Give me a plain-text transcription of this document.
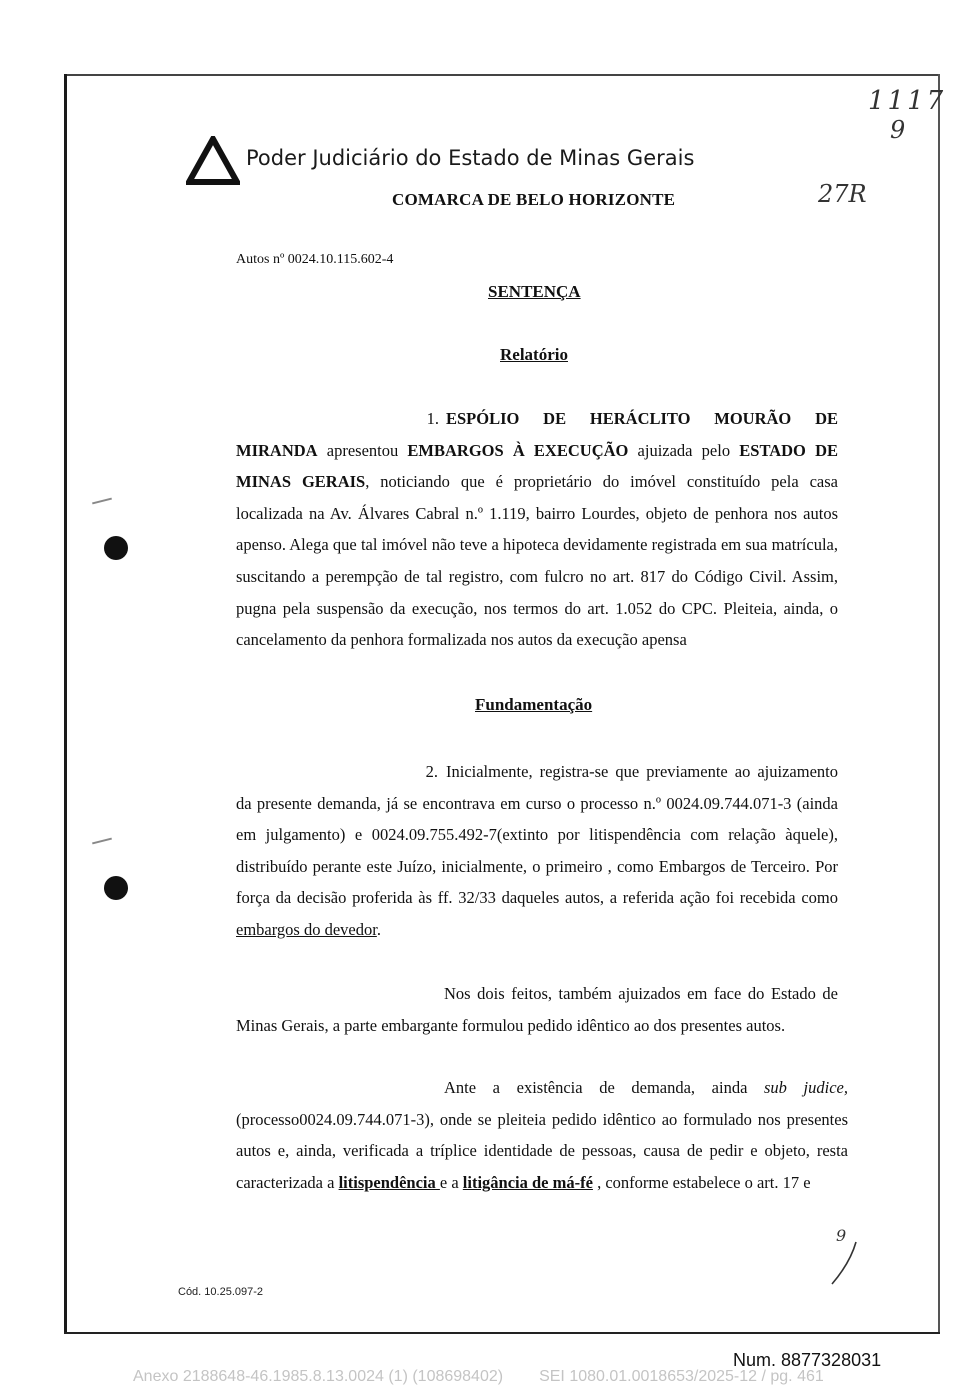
Poder Judiciário do Estado de Minas Gerais
COMARCA DE BELO HORIZONTE
1117
9
27R
Autos nº 0024.10.115.602-4
SENTENÇA
Relatório
1. ESPÓLIO DE HERÁCLITO MOURÃO DE MIRANDA apresentou EMBARGOS À EXECUÇÃO ajuizada pelo ESTADO DE MINAS GERAIS, noticiando que é proprietário do imóvel constituído pela casa localizada na Av. Álvares Cabral n.º 1.119, bairro Lourdes, objeto de penhora nos autos apenso. Alega que tal imóvel não teve a hipoteca devidamente registrada em sua matrícula, suscitando a perempção de tal registro, com fulcro no art. 817 do Código Civil. Assim, pugna pela suspensão da execução, nos termos do art. 1.052 do CPC. Pleiteia, ainda, o cancelamento da penhora formalizada nos autos da execução apensa
Fundamentação
2. Inicialmente, registra-se que previamente ao ajuizamento da presente demanda, já se encontrava em curso o processo n.º 0024.09.744.071-3 (ainda em julgamento) e 0024.09.755.492-7(extinto por litispendência com relação àquele), distribuído perante este Juízo, inicialmente, o primeiro , como Embargos de Terceiro. Por força da decisão proferida às ff. 32/33 daqueles autos, a referida ação foi recebida como embargos do devedor.
Nos dois feitos, também ajuizados em face do Estado de Minas Gerais, a parte embargante formulou pedido idêntico ao dos presentes autos.
Ante a existência de demanda, ainda sub judice, (processo0024.09.744.071-3), onde se pleiteia pedido idêntico ao formulado nos presentes autos e, ainda, verificada a tríplice identidade de pessoas, causa de pedir e objeto, resta caracterizada a litispendência e a litigância de má-fé , conforme estabelece o art. 17 e
9
Cód. 10.25.097-2
Num. 8877328031
Anexo 2188648-46.1985.8.13.0024 (1) (108698402) SEI 1080.01.0018653/2025-12 / pg. 461
